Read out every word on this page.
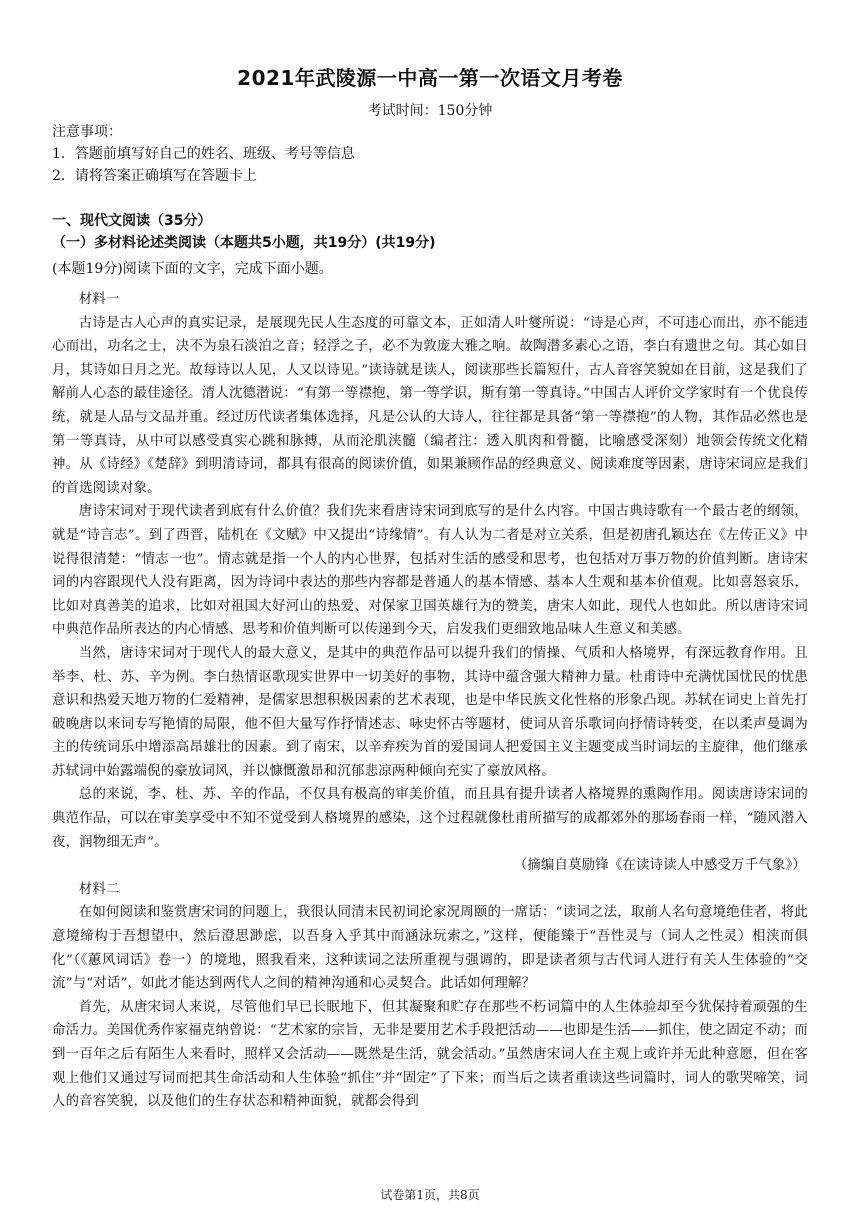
2021年武陵源一中高一第一次语文月考卷
考试时间：150分钟
注意事项：
1．答题前填写好自己的姓名、班级、考号等信息
2．请将答案正确填写在答题卡上
一、现代文阅读（35分）
（一）多材料论述类阅读（本题共5小题，共19分）(共19分)
(本题19分)阅读下面的文字，完成下面小题。

材料一

古诗是古人心声的真实记录，是展现先民人生态度的可靠文本，正如清人叶燮所说：“诗是心声，不可违心而出，亦不能违心而出，功名之士，决不为泉石淡泊之音；轻浮之子，必不为敦庞大雅之响。故陶潜多素心之语，李白有遗世之句。其心如日月，其诗如日月之光。故每诗以人见，人又以诗见。”读诗就是读人，阅读那些长篇短什，古人音容笑貌如在目前，这是我们了解前人心态的最佳途径。清人沈德潜说：“有第一等襟抱，第一等学识，斯有第一等真诗。”中国古人评价文学家时有一个优良传统，就是人品与文品并重。经过历代读者集体选择，凡是公认的大诗人，往往都是具备“第一等襟抱”的人物，其作品必然也是第一等真诗，从中可以感受真实心跳和脉搏，从而沦肌浃髓（编者注：透入肌肉和骨髓，比喻感受深刻）地领会传统文化精神。从《诗经》《楚辞》到明清诗词，都具有很高的阅读价值，如果兼顾作品的经典意义、阅读难度等因素，唐诗宋词应是我们的首选阅读对象。

唐诗宋词对于现代读者到底有什么价值？我们先来看唐诗宋词到底写的是什么内容。中国古典诗歌有一个最古老的纲领，就是“诗言志”。到了西晋，陆机在《文赋》中又提出“诗缘情”。有人认为二者是对立关系，但是初唐孔颖达在《左传正义》中说得很清楚：“情志一也”。情志就是指一个人的内心世界，包括对生活的感受和思考，也包括对万事万物的价值判断。唐诗宋词的内容跟现代人没有距离，因为诗词中表达的那些内容都是普通人的基本情感、基本人生观和基本价值观。比如喜怒哀乐，比如对真善美的追求，比如对祖国大好河山的热爱、对保家卫国英雄行为的赞美，唐宋人如此，现代人也如此。所以唐诗宋词中典范作品所表达的内心情感、思考和价值判断可以传递到今天，启发我们更细致地品味人生意义和美感。

当然，唐诗宋词对于现代人的最大意义，是其中的典范作品可以提升我们的情操、气质和人格境界，有深远教育作用。且举李、杜、苏、辛为例。李白热情讴歌现实世界中一切美好的事物，其诗中蕴含强大精神力量。杜甫诗中充满忧国忧民的忧患意识和热爱天地万物的仁爱精神，是儒家思想积极因素的艺术表现，也是中华民族文化性格的形象凸现。苏轼在词史上首先打破晚唐以来词专写艳情的局限，他不但大量写作抒情述志、咏史怀古等题材，使词从音乐歌词向抒情诗转变，在以柔声曼调为主的传统词乐中增添高昂雄壮的因素。到了南宋，以辛弃疾为首的爱国词人把爱国主义主题变成当时词坛的主旋律，他们继承苏轼词中始露端倪的豪放词风，并以慷慨激昂和沉郁悲凉两种倾向充实了豪放风格。

总的来说，李、杜、苏、辛的作品，不仅具有极高的审美价值，而且具有提升读者人格境界的熏陶作用。阅读唐诗宋词的典范作品，可以在审美享受中不知不觉受到人格境界的感染，这个过程就像杜甫所描写的成都郊外的那场春雨一样，“随风潜入夜，润物细无声”。

（摘编自莫励锋《在读诗读人中感受万千气象》）

材料二

在如何阅读和鉴赏唐宋词的问题上，我很认同清末民初词论家况周颐的一席话：“读词之法，取前人名句意境绝佳者，将此意境缔构于吾想望中，然后澄思渺虑，以吾身入乎其中而涵泳玩索之，”这样，便能臻于“吾性灵与（词人之性灵）相浃而俱化”（《蕙风词话》卷一）的境地，照我看来，这种读词之法所重视与强调的，即是读者须与古代词人进行有关人生体验的“交流”与“对话”，如此才能达到两代人之间的精神沟通和心灵契合。此话如何理解？

首先，从唐宋词人来说，尽管他们早已长眠地下，但其凝聚和贮存在那些不朽词篇中的人生体验却至今犹保持着顽强的生命活力。美国优秀作家福克纳曾说：“艺术家的宗旨，无非是要用艺术手段把活动——也即是生活——抓住，使之固定不动；而到一百年之后有陌生人来看时，照样又会活动——既然是生活，就会活动。”虽然唐宋词人在主观上或许并无此种意愿，但在客观上他们又通过写词而把其生命活动和人生体验“抓住”并“固定”了下来；而当后之读者重读这些词篇时，词人的歌哭啼笑，词人的音容笑貌，以及他们的生存状态和精神面貌，就都会得到

试卷第1页，共8页
